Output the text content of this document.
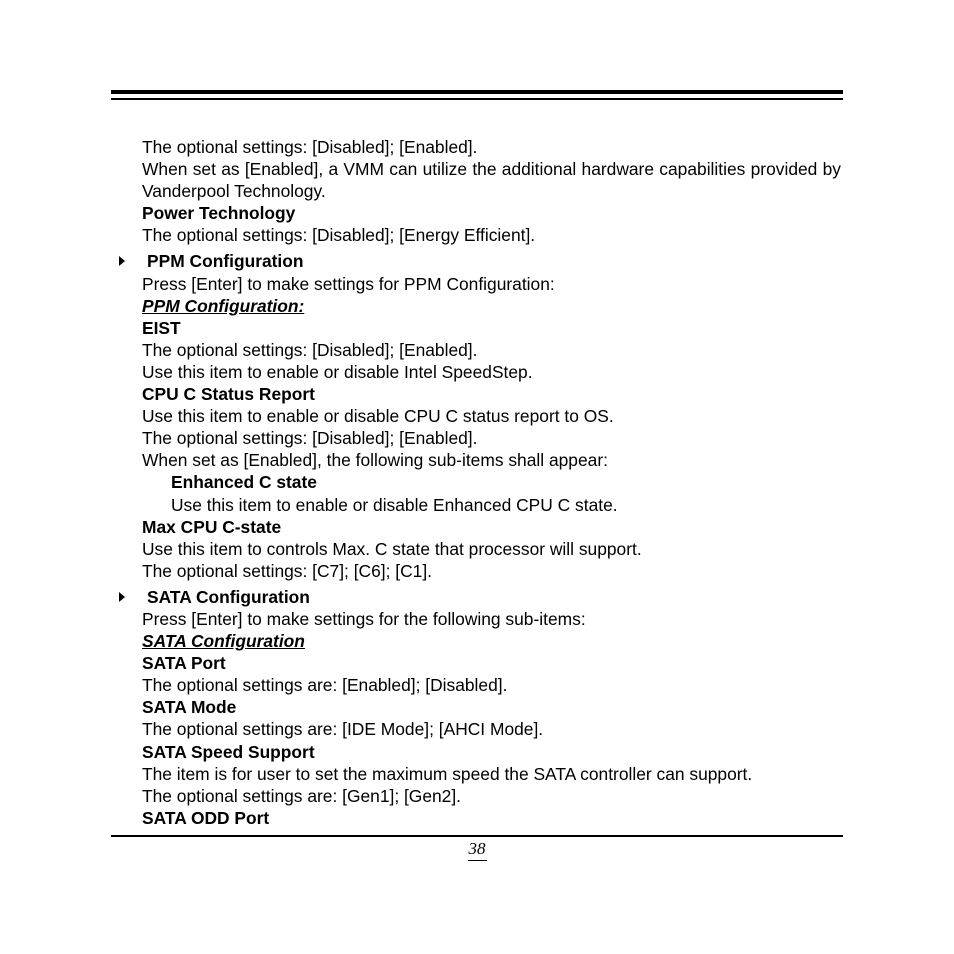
The optional settings: [Disabled]; [Enabled].
When set as [Enabled], a VMM can utilize the additional hardware capabilities provided by Vanderpool Technology.
Power Technology
The optional settings: [Disabled]; [Energy Efficient].
PPM Configuration
Press [Enter] to make settings for PPM Configuration:
PPM Configuration:
EIST
The optional settings: [Disabled]; [Enabled].
Use this item to enable or disable Intel SpeedStep.
CPU C Status Report
Use this item to enable or disable CPU C status report to OS.
The optional settings: [Disabled]; [Enabled].
When set as [Enabled], the following sub-items shall appear:
Enhanced C state
Use this item to enable or disable Enhanced CPU C state.
Max CPU C-state
Use this item to controls Max. C state that processor will support.
The optional settings: [C7]; [C6]; [C1].
SATA Configuration
Press [Enter] to make settings for the following sub-items:
SATA Configuration
SATA Port
The optional settings are: [Enabled]; [Disabled].
SATA Mode
The optional settings are: [IDE Mode]; [AHCI Mode].
SATA Speed Support
The item is for user to set the maximum speed the SATA controller can support.
The optional settings are: [Gen1]; [Gen2].
SATA ODD Port
38
